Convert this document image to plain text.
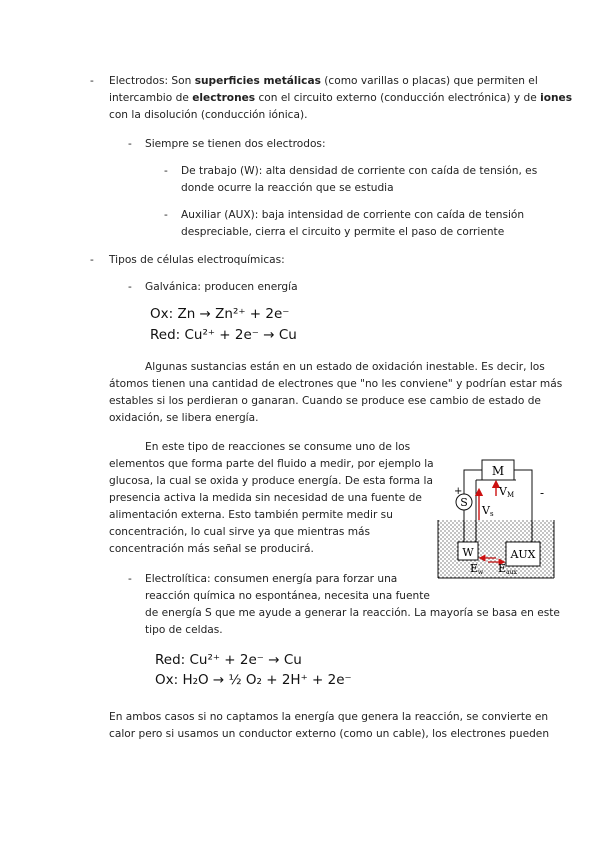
-	Electrodos: Son superficies metálicas (como varillas o placas) que permiten el
intercambio de electrones con el circuito externo (conducción electrónica) y de iones
con la disolución (conducción iónica).
-	Siempre se tienen dos electrodos:
-	De trabajo (W): alta densidad de corriente con caída de tensión, es
donde ocurre la reacción que se estudia
-	Auxiliar (AUX): baja intensidad de corriente con caída de tensión
despreciable, cierra el circuito y permite el paso de corriente
-	Tipos de células electroquímicas:
-	Galvánica: producen energía
Ox: Zn → Zn²⁺ + 2e⁻
Red: Cu²⁺ + 2e⁻ → Cu
Algunas sustancias están en un estado de oxidación inestable. Es decir, los
átomos tienen una cantidad de electrones que "no les conviene" y podrían estar más
estables si los perdieran o ganaran. Cuando se produce ese cambio de estado de
oxidación, se libera energía.
En este tipo de reacciones se consume uno de los
elementos que forma parte del fluido a medir, por ejemplo la
glucosa, la cual se oxida y produce energía. De esta forma la
presencia activa la medida sin necesidad de una fuente de
alimentación externa. Esto también permite medir su
concentración, lo cual sirve ya que mientras más
concentración más señal se producirá.
M
S
+	-
VM
Vs
W	AUX
Ew Eaux
-	Electrolítica: consumen energía para forzar una
reacción química no espontánea, necesita una fuente
de energía S que me ayude a generar la reacción. La mayoría se basa en este
tipo de celdas.
Red: Cu²⁺ + 2e⁻ → Cu
Ox: H₂O → ½ O₂ + 2H⁺ + 2e⁻
En ambos casos si no captamos la energía que genera la reacción, se convierte en
calor pero si usamos un conductor externo (como un cable), los electrones pueden
